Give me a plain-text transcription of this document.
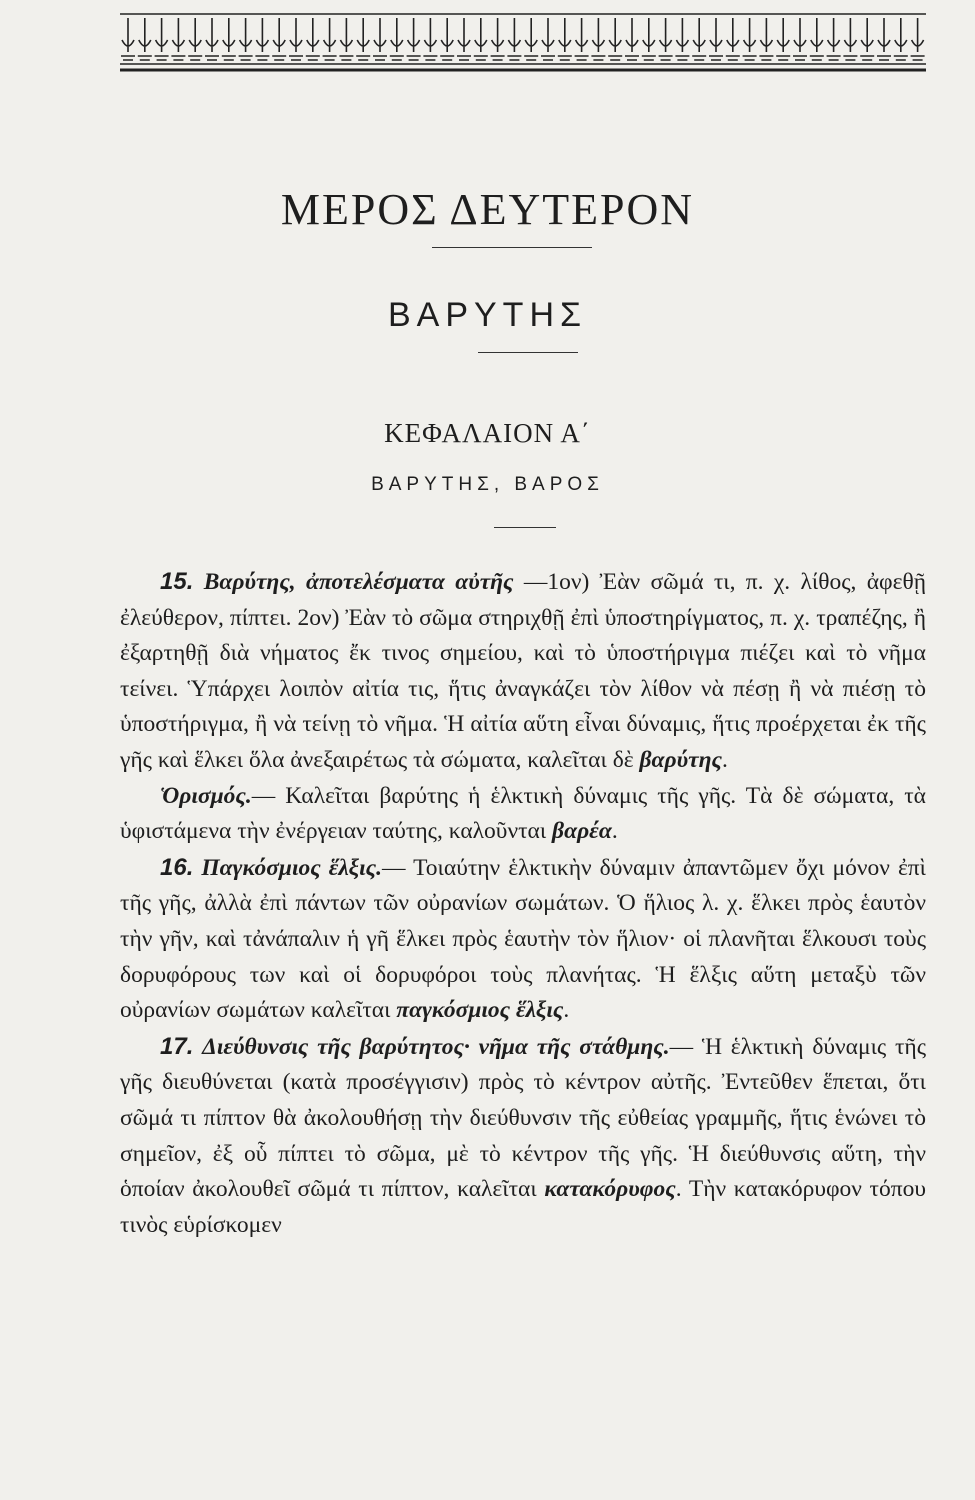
ΜΕΡΟΣ ΔΕΥΤΕΡΟΝ
ΒΑΡΥΤΗΣ
ΚΕΦΑΛΑΙΟΝ Α΄
ΒΑΡΥΤΗΣ, ΒΑΡΟΣ

15. Βαρύτης, ἀποτελέσματα αὐτῆς —1ον) Ἐὰν σῶμά τι, π. χ. λίθος, ἀφεθῇ ἐλεύθερον, πίπτει. 2ον) Ἐὰν τὸ σῶμα στηριχθῇ ἐπὶ ὑποστηρίγματος, π. χ. τραπέζης, ἢ ἐξαρτηθῇ διὰ νήματος ἔκ τινος σημείου, καὶ τὸ ὑποστήριγμα πιέζει καὶ τὸ νῆμα τείνει. Ὑπάρχει λοιπὸν αἰτία τις, ἥτις ἀναγκάζει τὸν λίθον νὰ πέσῃ ἢ νὰ πιέσῃ τὸ ὑποστήριγμα, ἢ νὰ τείνῃ τὸ νῆμα. Ἡ αἰτία αὕτη εἶναι δύναμις, ἥτις προέρχεται ἐκ τῆς γῆς καὶ ἕλκει ὅλα ἀνεξαιρέτως τὰ σώματα, καλεῖται δὲ βαρύτης.

Ὁρισμός.— Καλεῖται βαρύτης ἡ ἑλκτικὴ δύναμις τῆς γῆς. Τὰ δὲ σώματα, τὰ ὑφιστάμενα τὴν ἐνέργειαν ταύτης, καλοῦνται βαρέα.

16. Παγκόσμιος ἕλξις.— Τοιαύτην ἑλκτικὴν δύναμιν ἀπαντῶμεν ὄχι μόνον ἐπὶ τῆς γῆς, ἀλλὰ ἐπὶ πάντων τῶν οὐρανίων σωμάτων. Ὁ ἥλιος λ. χ. ἕλκει πρὸς ἑαυτὸν τὴν γῆν, καὶ τἀνάπαλιν ἡ γῆ ἕλκει πρὸς ἑαυτὴν τὸν ἥλιον· οἱ πλανῆται ἕλκουσι τοὺς δορυφόρους των καὶ οἱ δορυφόροι τοὺς πλανήτας. Ἡ ἕλξις αὕτη μεταξὺ τῶν οὐρανίων σωμάτων καλεῖται παγκόσμιος ἕλξις.

17. Διεύθυνσις τῆς βαρύτητος· νῆμα τῆς στάθμης.— Ἡ ἑλκτικὴ δύναμις τῆς γῆς διευθύνεται (κατὰ προσέγγισιν) πρὸς τὸ κέντρον αὐτῆς. Ἐντεῦθεν ἕπεται, ὅτι σῶμά τι πίπτον θὰ ἀκολουθήσῃ τὴν διεύθυνσιν τῆς εὐθείας γραμμῆς, ἥτις ἑνώνει τὸ σημεῖον, ἐξ οὗ πίπτει τὸ σῶμα, μὲ τὸ κέντρον τῆς γῆς. Ἡ διεύθυνσις αὕτη, τὴν ὁποίαν ἀκολουθεῖ σῶμά τι πίπτον, καλεῖται κατακόρυφος. Τὴν κατακόρυφον τόπου τινὸς εὑρίσκομεν
